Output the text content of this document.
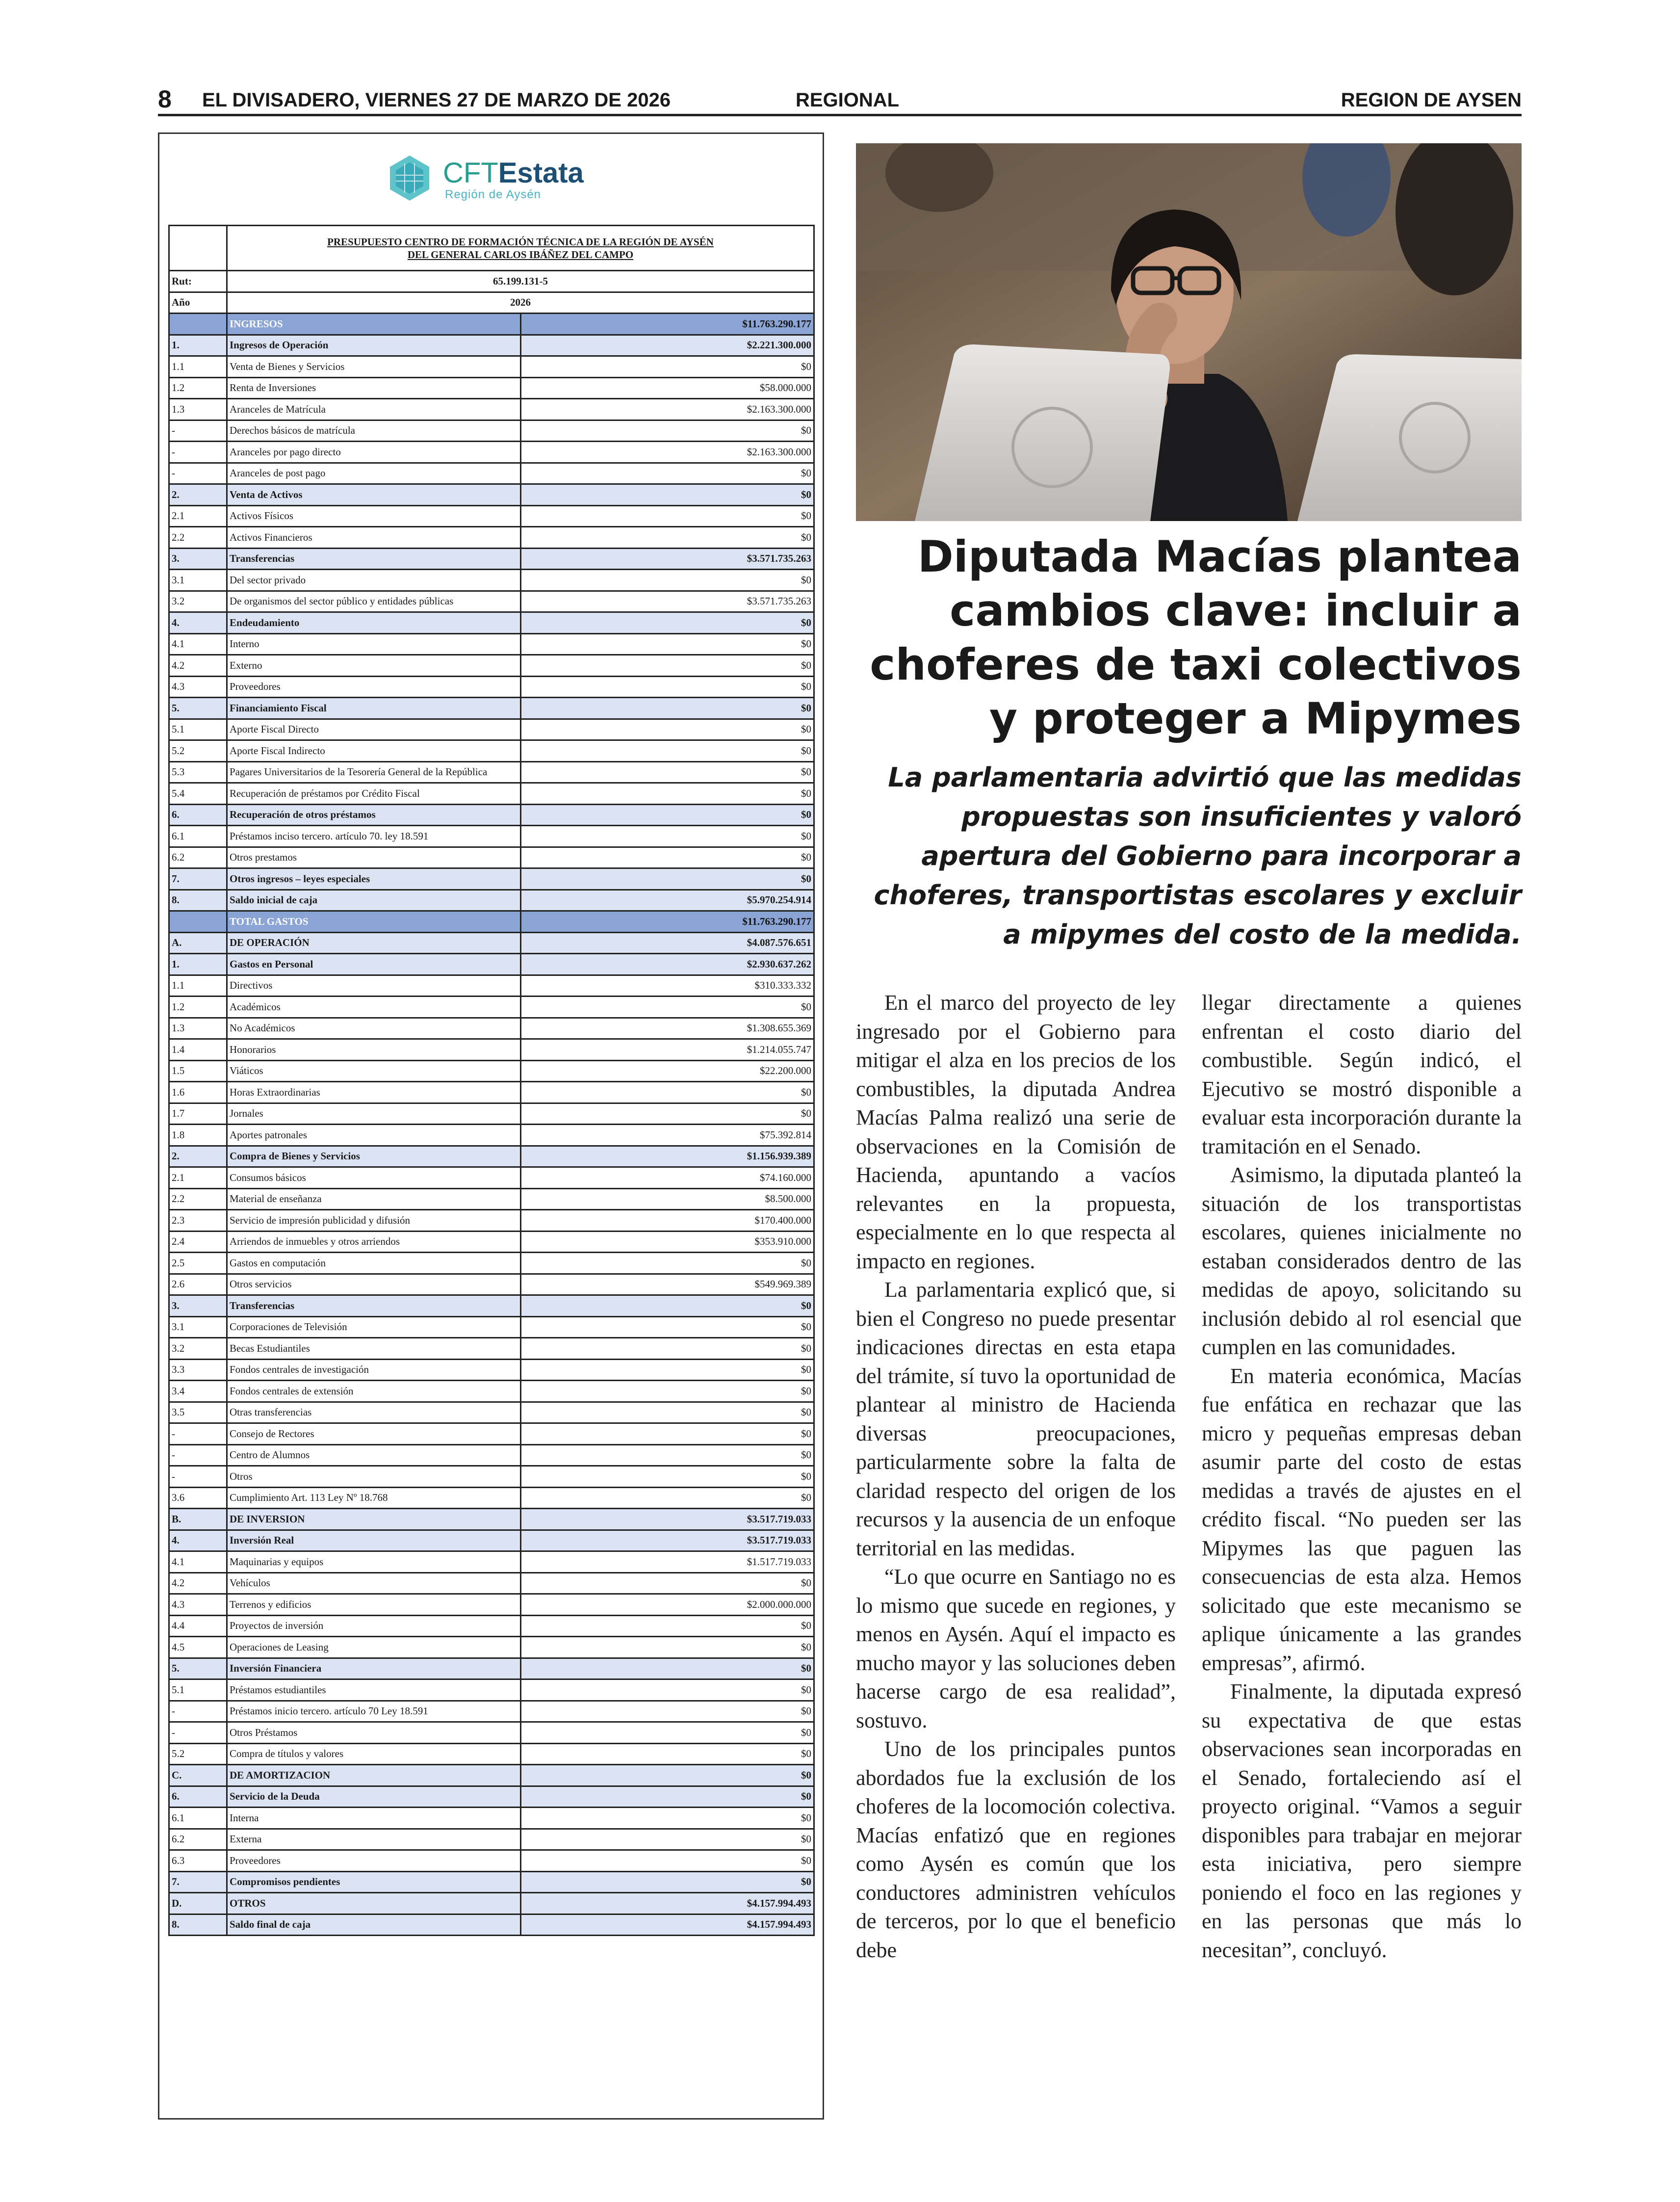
8 EL DIVISADERO, VIERNES 27 DE MARZO DE 2026	REGIONAL	REGION DE AYSEN
CFTEstata
Región de Aysén

	PRESUPUESTO CENTRO DE FORMACIÓN TÉCNICA DE LA REGIÓN DE AYSÉN
DEL GENERAL CARLOS IBÁÑEZ DEL CAMPO	

Rut:	65.199.131-5	
Año	2026	
	INGRESOS	$11.763.290.177
1.	Ingresos de Operación	$2.221.300.000
1.1	Venta de Bienes y Servicios	$0
1.2	Renta de Inversiones	$58.000.000
1.3	Aranceles de Matrícula	$2.163.300.000
-	Derechos básicos de matrícula	$0
-	Aranceles por pago directo	$2.163.300.000
-	Aranceles de post pago	$0
2.	Venta de Activos	$0
2.1	Activos Físicos	$0
2.2	Activos Financieros	$0
3.	Transferencias	$3.571.735.263
3.1	Del sector privado	$0
3.2	De organismos del sector público y entidades públicas	$3.571.735.263
4.	Endeudamiento	$0
4.1	Interno	$0
4.2	Externo	$0
4.3	Proveedores	$0
5.	Financiamiento Fiscal	$0
5.1	Aporte Fiscal Directo	$0
5.2	Aporte Fiscal Indirecto	$0
5.3	Pagares Universitarios de la Tesorería General de la República	$0
5.4	Recuperación de préstamos por Crédito Fiscal	$0
6.	Recuperación de otros préstamos	$0
6.1	Préstamos inciso tercero. artículo 70. ley 18.591	$0
6.2	Otros prestamos	$0
7.	Otros ingresos – leyes especiales	$0
8.	Saldo inicial de caja	$5.970.254.914
	TOTAL GASTOS	$11.763.290.177
A.	DE OPERACIÓN	$4.087.576.651
1.	Gastos en Personal	$2.930.637.262
1.1	Directivos	$310.333.332
1.2	Académicos	$0
1.3	No Académicos	$1.308.655.369
1.4	Honorarios	$1.214.055.747
1.5	Viáticos	$22.200.000
1.6	Horas Extraordinarias	$0
1.7	Jornales	$0
1.8	Aportes patronales	$75.392.814
2.	Compra de Bienes y Servicios	$1.156.939.389
2.1	Consumos básicos	$74.160.000
2.2	Material de enseñanza	$8.500.000
2.3	Servicio de impresión publicidad y difusión	$170.400.000
2.4	Arriendos de inmuebles y otros arriendos	$353.910.000
2.5	Gastos en computación	$0
2.6	Otros servicios	$549.969.389
3.	Transferencias	$0
3.1	Corporaciones de Televisión	$0
3.2	Becas Estudiantiles	$0
3.3	Fondos centrales de investigación	$0
3.4	Fondos centrales de extensión	$0
3.5	Otras transferencias	$0
-	Consejo de Rectores	$0
-	Centro de Alumnos	$0
-	Otros	$0
3.6	Cumplimiento Art. 113 Ley Nº 18.768	$0
B.	DE INVERSION	$3.517.719.033
4.	Inversión Real	$3.517.719.033
4.1	Maquinarias y equipos	$1.517.719.033
4.2	Vehículos	$0
4.3	Terrenos y edificios	$2.000.000.000
4.4	Proyectos de inversión	$0
4.5	Operaciones de Leasing	$0
5.	Inversión Financiera	$0
5.1	Préstamos estudiantiles	$0
-	Préstamos inicio tercero. artículo 70 Ley 18.591	$0
-	Otros Préstamos	$0
5.2	Compra de títulos y valores	$0
C.	DE AMORTIZACION	$0
6.	Servicio de la Deuda	$0
6.1	Interna	$0
6.2	Externa	$0
6.3	Proveedores	$0
7.	Compromisos pendientes	$0
D.	OTROS	$4.157.994.493
8.	Saldo final de caja	$4.157.994.493
Diputada Macías plantea cambios clave: incluir a choferes de taxi colectivos y proteger a Mipymes
La parlamentaria advirtió que las medidas propuestas son insuficientes y valoró apertura del Gobierno para incorporar a choferes, transportistas escolares y excluir a mipymes del costo de la medida.

En el marco del proyecto de ley ingresado por el Gobierno para mitigar el alza en los precios de los combustibles, la diputada Andrea Macías Palma realizó una serie de observaciones en la Comisión de Hacienda, apuntando a vacíos relevantes en la propuesta, especialmente en lo que respecta al impacto en regiones.

La parlamentaria explicó que, si bien el Congreso no puede presentar indicaciones directas en esta etapa del trámite, sí tuvo la oportunidad de plantear al ministro de Hacienda diversas preocupaciones, particularmente sobre la falta de claridad respecto del origen de los recursos y la ausencia de un enfoque territorial en las medidas.

“Lo que ocurre en Santiago no es lo mismo que sucede en regiones, y menos en Aysén. Aquí el impacto es mucho mayor y las soluciones deben hacerse cargo de esa realidad”, sostuvo.

Uno de los principales puntos abordados fue la exclusión de los choferes de la locomoción colectiva. Macías enfatizó que en regiones como Aysén es común que los conductores administren vehículos de terceros, por lo que el beneficio debe

llegar directamente a quienes enfrentan el costo diario del combustible. Según indicó, el Ejecutivo se mostró disponible a evaluar esta incorporación durante la tramitación en el Senado.

Asimismo, la diputada planteó la situación de los transportistas escolares, quienes inicialmente no estaban considerados dentro de las medidas de apoyo, solicitando su inclusión debido al rol esencial que cumplen en las comunidades.

En materia económica, Macías fue enfática en rechazar que las micro y pequeñas empresas deban asumir parte del costo de estas medidas a través de ajustes en el crédito fiscal. “No pueden ser las Mipymes las que paguen las consecuencias de esta alza. Hemos solicitado que este mecanismo se aplique únicamente a las grandes empresas”, afirmó.

Finalmente, la diputada expresó su expectativa de que estas observaciones sean incorporadas en el Senado, fortaleciendo así el proyecto original. “Vamos a seguir disponibles para trabajar en mejorar esta iniciativa, pero siempre poniendo el foco en las regiones y en las personas que más lo necesitan”, concluyó.
